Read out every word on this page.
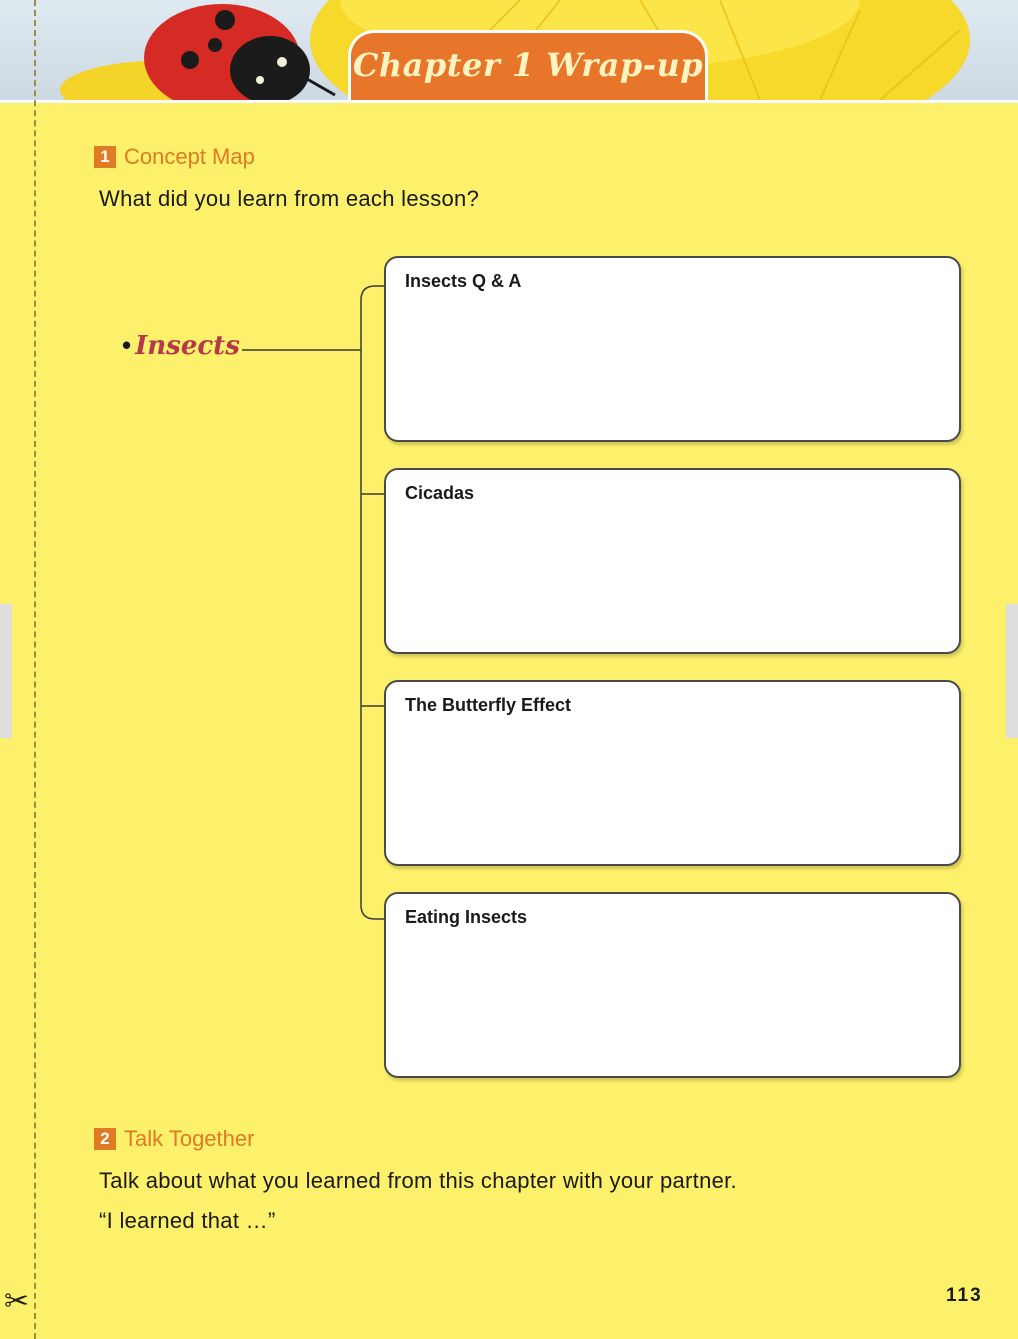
Chapter 1 Wrap-up
1 Concept Map
What did you learn from each lesson?
• Insects
Insects Q & A
Cicadas
The Butterfly Effect
Eating Insects
2 Talk Together
Talk about what you learned from this chapter with your partner.
“I learned that …”
✂	113
